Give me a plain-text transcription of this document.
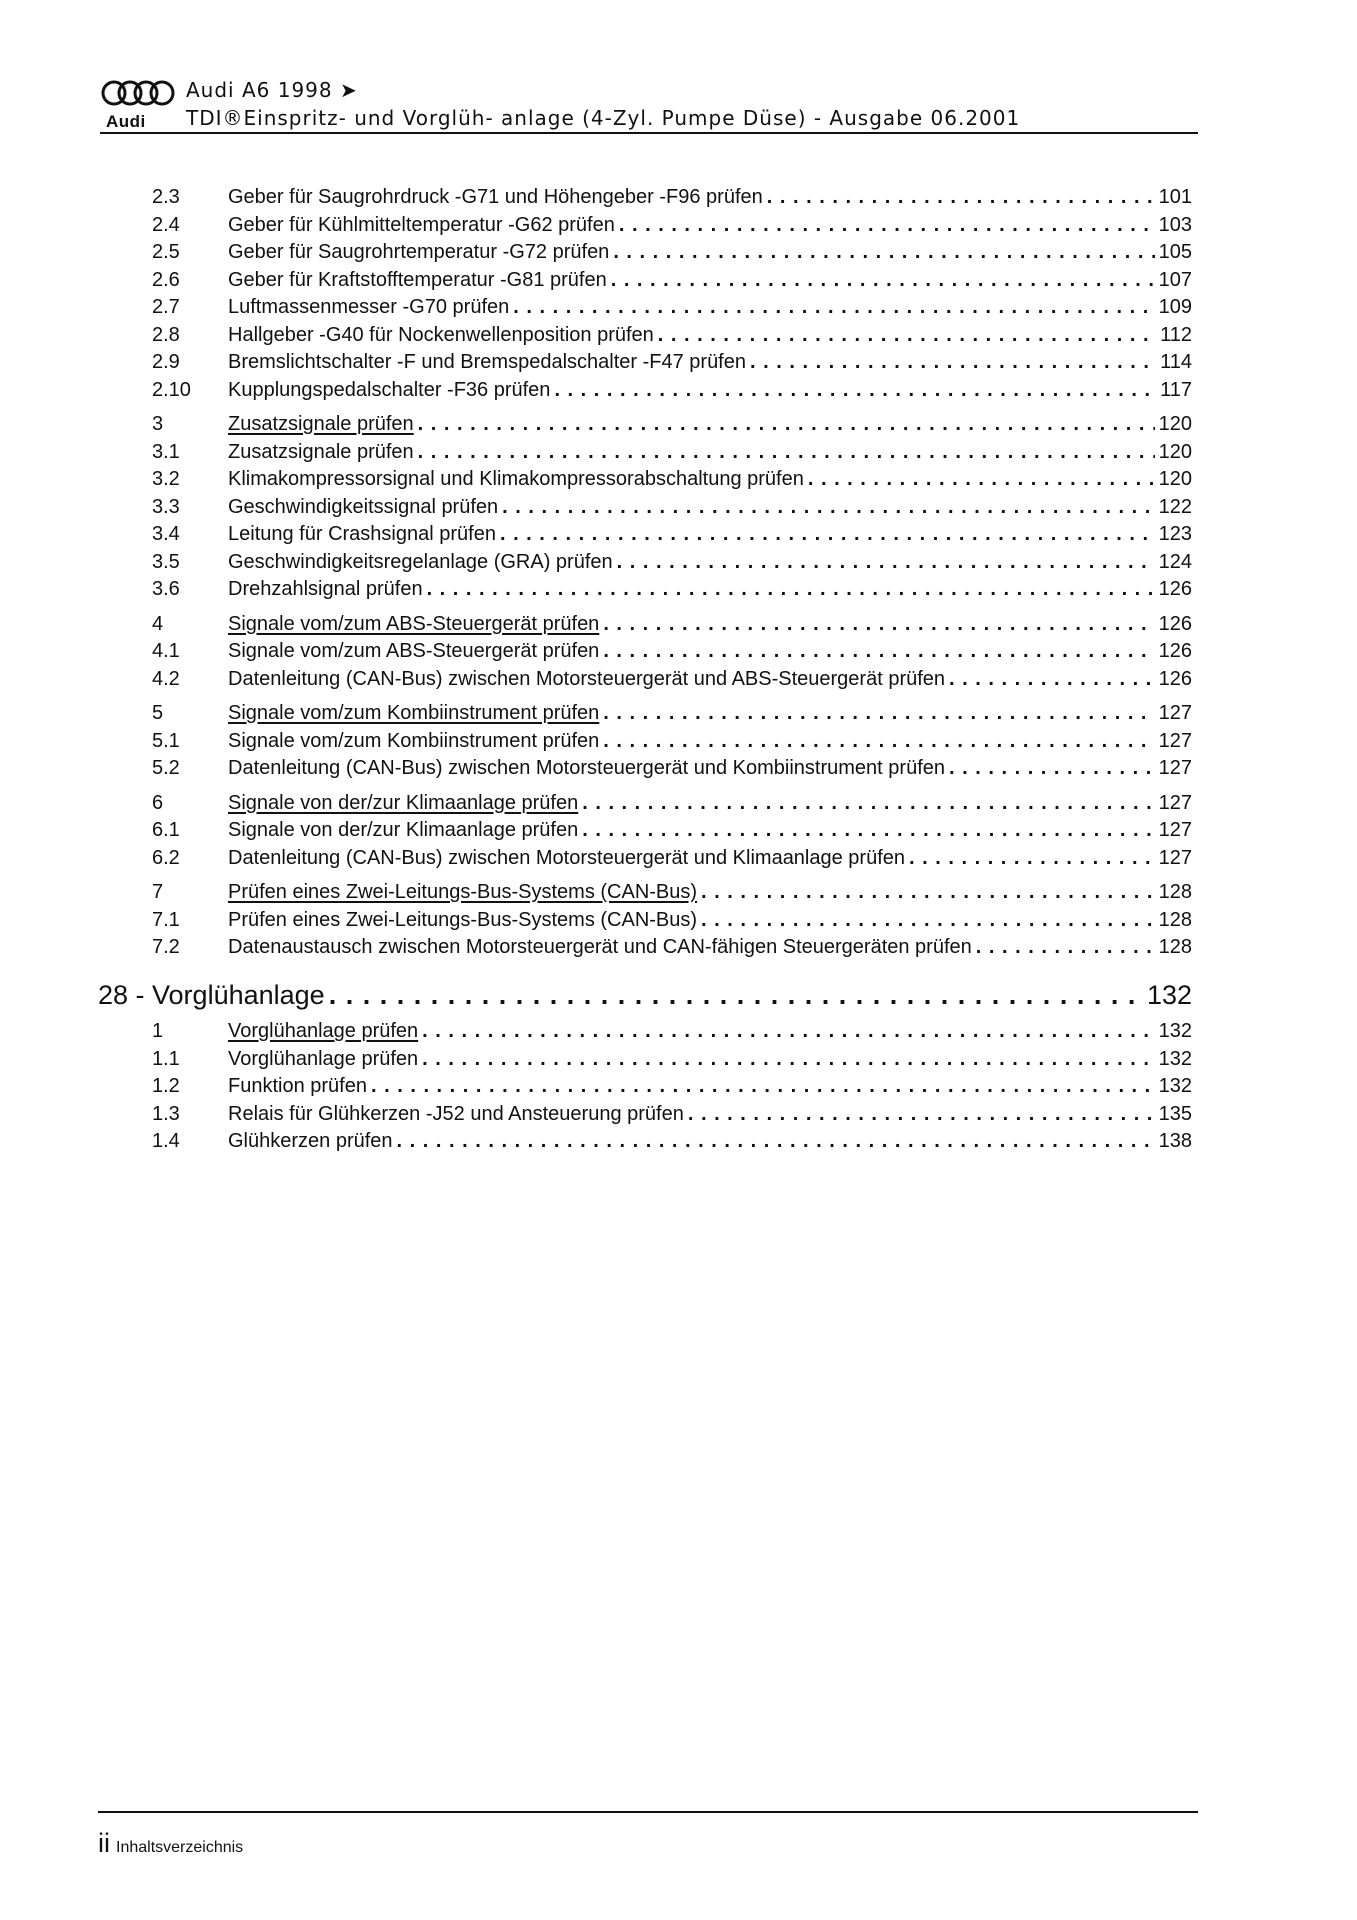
Audi
Audi A6 1998 ➤
TDI®Einspritz- und Vorglüh- anlage (4-Zyl. Pumpe Düse) - Ausgabe 06.2001
2.3	Geber für Saugrohrdruck -G71 und Höhengeber -F96 prüfen . . .	101
2.4	Geber für Kühlmitteltemperatur -G62 prüfen . . .	103
2.5	Geber für Saugrohrtemperatur -G72 prüfen . . .	105
2.6	Geber für Kraftstofftemperatur -G81 prüfen . . .	107
2.7	Luftmassenmesser -G70 prüfen . . .	109
2.8	Hallgeber -G40 für Nockenwellenposition prüfen . . .	112
2.9	Bremslichtschalter -F und Bremspedalschalter -F47 prüfen . . .	114
2.10	Kupplungspedalschalter -F36 prüfen . . .	117
3	Zusatzsignale prüfen . . .	120
3.1	Zusatzsignale prüfen . . .	120
3.2	Klimakompressorsignal und Klimakompressorabschaltung prüfen . . .	120
3.3	Geschwindigkeitssignal prüfen . . .	122
3.4	Leitung für Crashsignal prüfen . . .	123
3.5	Geschwindigkeitsregelanlage (GRA) prüfen . . .	124
3.6	Drehzahlsignal prüfen . . .	126
4	Signale vom/zum ABS-Steuergerät prüfen . . .	126
4.1	Signale vom/zum ABS-Steuergerät prüfen . . .	126
4.2	Datenleitung (CAN-Bus) zwischen Motorsteuergerät und ABS-Steuergerät prüfen . . .	126
5	Signale vom/zum Kombiinstrument prüfen . . .	127
5.1	Signale vom/zum Kombiinstrument prüfen . . .	127
5.2	Datenleitung (CAN-Bus) zwischen Motorsteuergerät und Kombiinstrument prüfen . . .	127
6	Signale von der/zur Klimaanlage prüfen . . .	127
6.1	Signale von der/zur Klimaanlage prüfen . . .	127
6.2	Datenleitung (CAN-Bus) zwischen Motorsteuergerät und Klimaanlage prüfen . . .	127
7	Prüfen eines Zwei-Leitungs-Bus-Systems (CAN-Bus) . . .	128
7.1	Prüfen eines Zwei-Leitungs-Bus-Systems (CAN-Bus) . . .	128
7.2	Datenaustausch zwischen Motorsteuergerät und CAN-fähigen Steuergeräten prüfen . . .	128
28 - Vorglühanlage . . .	132
1	Vorglühanlage prüfen . . .	132
1.1	Vorglühanlage prüfen . . .	132
1.2	Funktion prüfen . . .	132
1.3	Relais für Glühkerzen -J52 und Ansteuerung prüfen . . .	135
1.4	Glühkerzen prüfen . . .	138
ii Inhaltsverzeichnis
